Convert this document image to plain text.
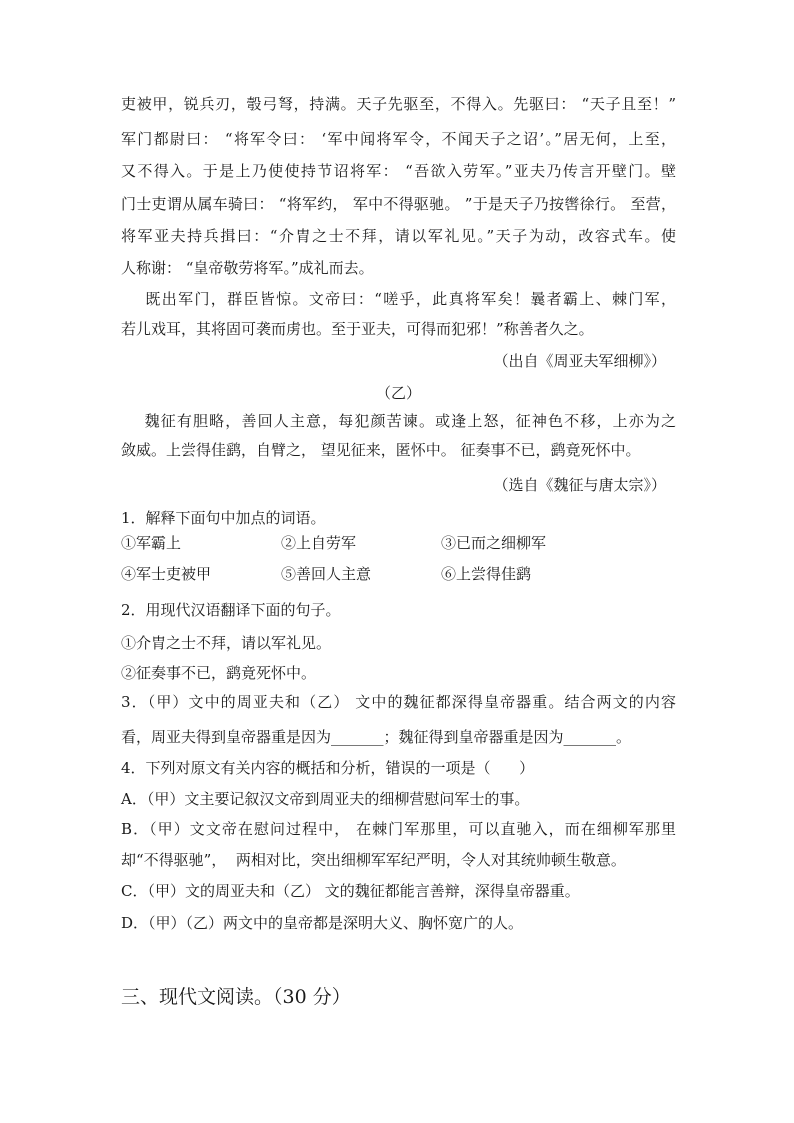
吏被甲，锐兵刃，彀弓弩，持满。天子先驱至，不得入。先驱曰： “天子且至！”
军门都尉曰： “将军令曰： ‘军中闻将军令，不闻天子之诏’。”居无何，上至，
又不得入。于是上乃使使持节诏将军： “吾欲入劳军。”亚夫乃传言开壁门。壁
门士吏谓从属车骑曰： “将军约， 军中不得驱驰。 ”于是天子乃按辔徐行。 至营，
将军亚夫持兵揖曰：“介胄之士不拜，请以军礼见。”天子为动，改容式车。使
人称谢： “皇帝敬劳将军。”成礼而去。
既出军门，群臣皆惊。文帝曰：“嗟乎，此真将军矣！曩者霸上、棘门军，
若儿戏耳，其将固可袭而虏也。至于亚夫，可得而犯邪！”称善者久之。
（出自《周亚夫军细柳》）
（乙）
魏征有胆略，善回人主意，每犯颜苦谏。或逢上怒，征神色不移，上亦为之
敛威。上尝得佳鹞，自臂之， 望见征来，匿怀中。 征奏事不已，鹞竟死怀中。
（选自《魏征与唐太宗》）
1．解释下面句中加点的词语。
①军霸上	②上自劳军	③已而之细柳军
④军士吏被甲	⑤善回人主意	⑥上尝得佳鹞
2．用现代汉语翻译下面的句子。
①介胄之士不拜，请以军礼见。
②征奏事不已，鹞竟死怀中。
3．（甲）文中的周亚夫和（乙） 文中的魏征都深得皇帝器重。结合两文的内容
看，周亚夫得到皇帝器重是因为_______；魏征得到皇帝器重是因为_______。
4．下列对原文有关内容的概括和分析，错误的一项是（      ）
A．（甲）文主要记叙汉文帝到周亚夫的细柳营慰问军士的事。
B．（甲）文文帝在慰问过程中， 在棘门军那里，可以直驰入，而在细柳军那里
却“不得驱驰”，  两相对比，突出细柳军军纪严明，令人对其统帅顿生敬意。
C．（甲）文的周亚夫和（乙） 文的魏征都能言善辩，深得皇帝器重。
D．（甲）（乙）两文中的皇帝都是深明大义、胸怀宽广的人。
三、现代文阅读。（30 分）
